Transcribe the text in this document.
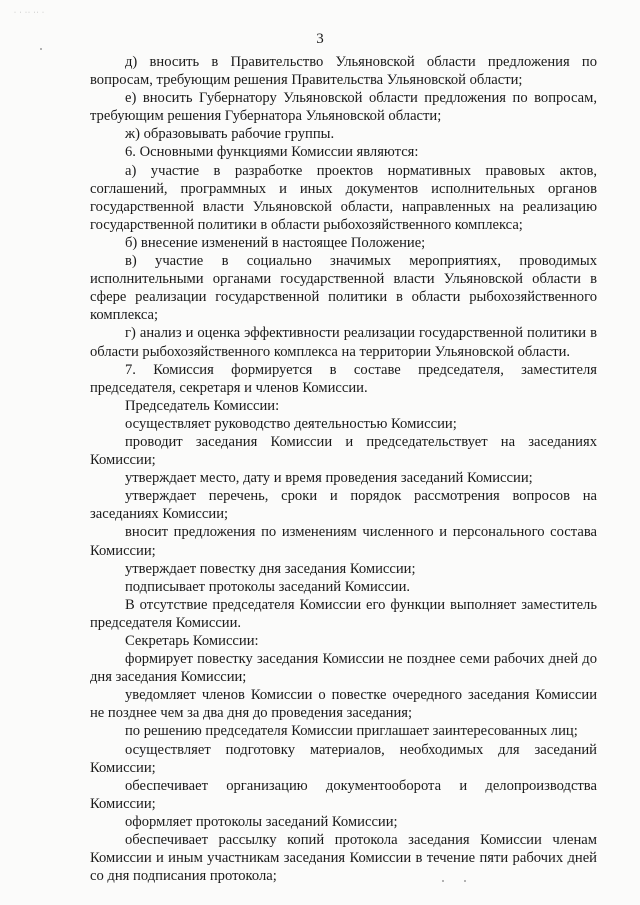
· · ·· ·· ·
3

д) вносить в Правительство Ульяновской области предложения по вопросам, требующим решения Правительства Ульяновской области;

е) вносить Губернатору Ульяновской области предложения по вопросам, требующим решения Губернатора Ульяновской области;

ж) образовывать рабочие группы.

6. Основными функциями Комиссии являются:

а) участие в разработке проектов нормативных правовых актов, соглашений, программных и иных документов исполнительных органов государственной власти Ульяновской области, направленных на реализацию государственной политики в области рыбохозяйственного комплекса;

б) внесение изменений в настоящее Положение;

в) участие в социально значимых мероприятиях, проводимых исполнительными органами государственной власти Ульяновской области в сфере реализации государственной политики в области рыбохозяйственного комплекса;

г) анализ и оценка эффективности реализации государственной политики в области рыбохозяйственного комплекса на территории Ульяновской области.

7. Комиссия формируется в составе председателя, заместителя председателя, секретаря и членов Комиссии.

Председатель Комиссии:

осуществляет руководство деятельностью Комиссии;

проводит заседания Комиссии и председательствует на заседаниях Комиссии;

утверждает место, дату и время проведения заседаний Комиссии;

утверждает перечень, сроки и порядок рассмотрения вопросов на заседаниях Комиссии;

вносит предложения по изменениям численного и персонального состава Комиссии;

утверждает повестку дня заседания Комиссии;

подписывает протоколы заседаний Комиссии.

В отсутствие председателя Комиссии его функции выполняет заместитель председателя Комиссии.

Секретарь Комиссии:

формирует повестку заседания Комиссии не позднее семи рабочих дней до дня заседания Комиссии;

уведомляет членов Комиссии о повестке очередного заседания Комиссии не позднее чем за два дня до проведения заседания;

по решению председателя Комиссии приглашает заинтересованных лиц;

осуществляет подготовку материалов, необходимых для заседаний Комиссии;

обеспечивает организацию документооборота и делопроизводства Комиссии;

оформляет протоколы заседаний Комиссии;

обеспечивает рассылку копий протокола заседания Комиссии членам Комиссии и иным участникам заседания Комиссии в течение пяти рабочих дней со дня подписания протокола;
